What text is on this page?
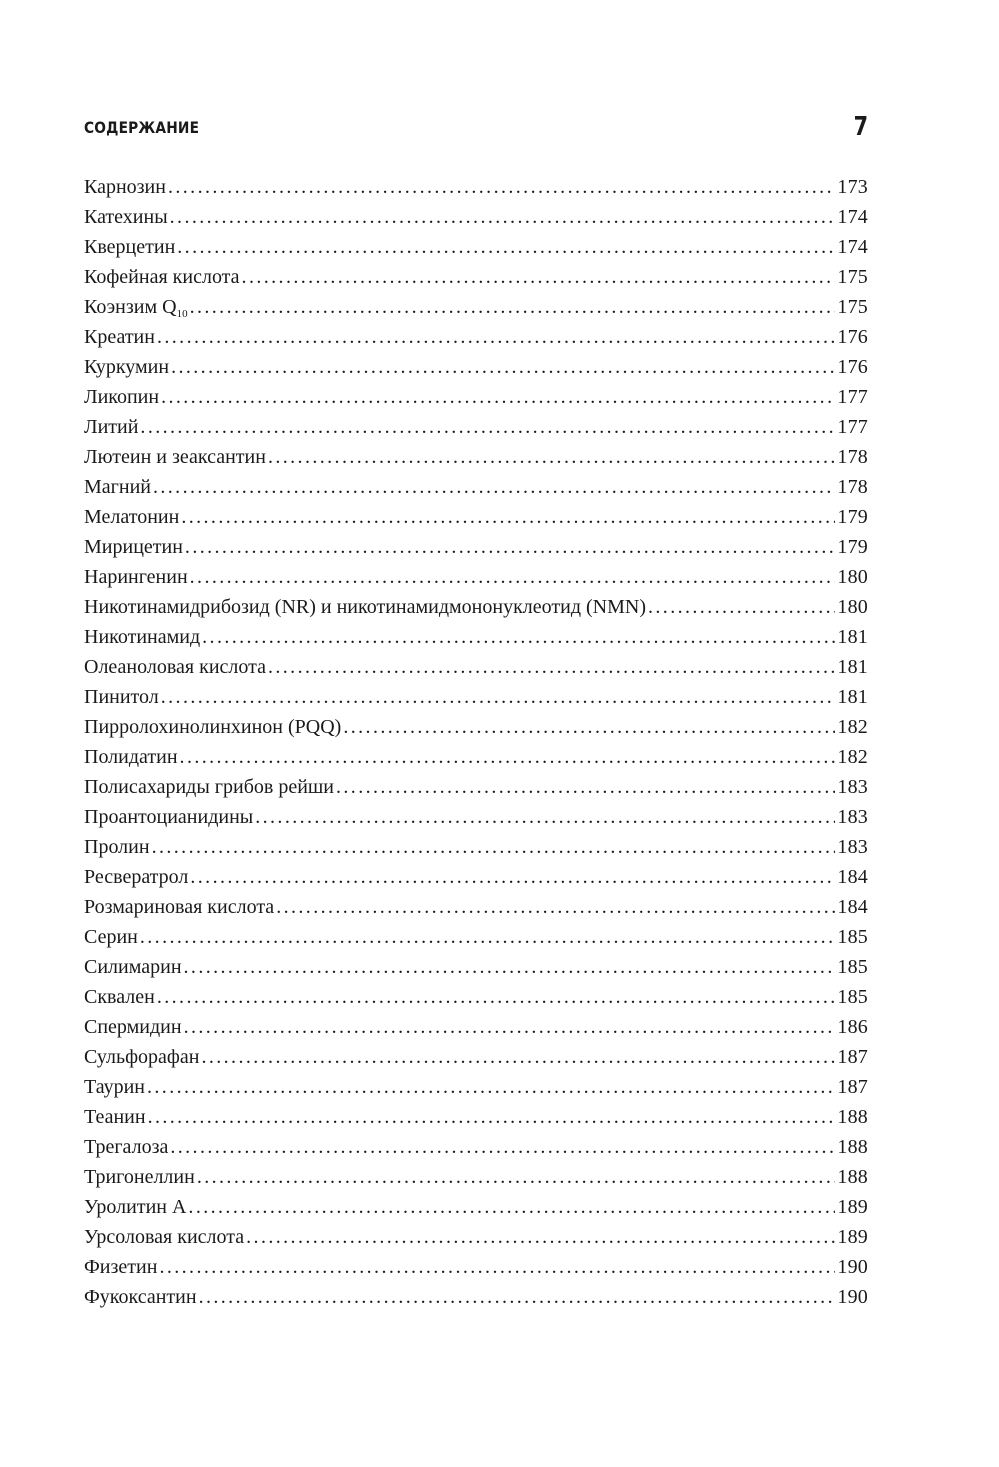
СОДЕРЖАНИЕ	7
Карнозин . . .	173
Катехины . . .	174
Кверцетин . . .	174
Кофейная кислота . . .	175
Коэнзим $Q_{10}$ . . .	175
Креатин . . .	176
Куркумин . . .	176
Ликопин . . .	177
Литий . . .	177
Лютеин и зеаксантин . . .	178
Магний . . .	178
Мелатонин . . .	179
Мирицетин . . .	179
Нарингенин . . .	180
Никотинамидрибозид (NR) и никотинамидмононуклеотид (NMN) . . .	180
Никотинамид . . .	181
Олеаноловая кислота . . .	181
Пинитол . . .	181
Пирролохинолинхинон (PQQ) . . .	182
Полидатин . . .	182
Полисахариды грибов рейши . . .	183
Проантоцианидины . . .	183
Пролин . . .	183
Ресвератрол . . .	184
Розмариновая кислота . . .	184
Серин . . .	185
Силимарин . . .	185
Сквален . . .	185
Спермидин . . .	186
Сульфорафан . . .	187
Таурин . . .	187
Теанин . . .	188
Трегалоза . . .	188
Тригонеллин . . .	188
Уролитин А . . .	189
Урсоловая кислота . . .	189
Физетин . . .	190
Фукоксантин . . .	190
